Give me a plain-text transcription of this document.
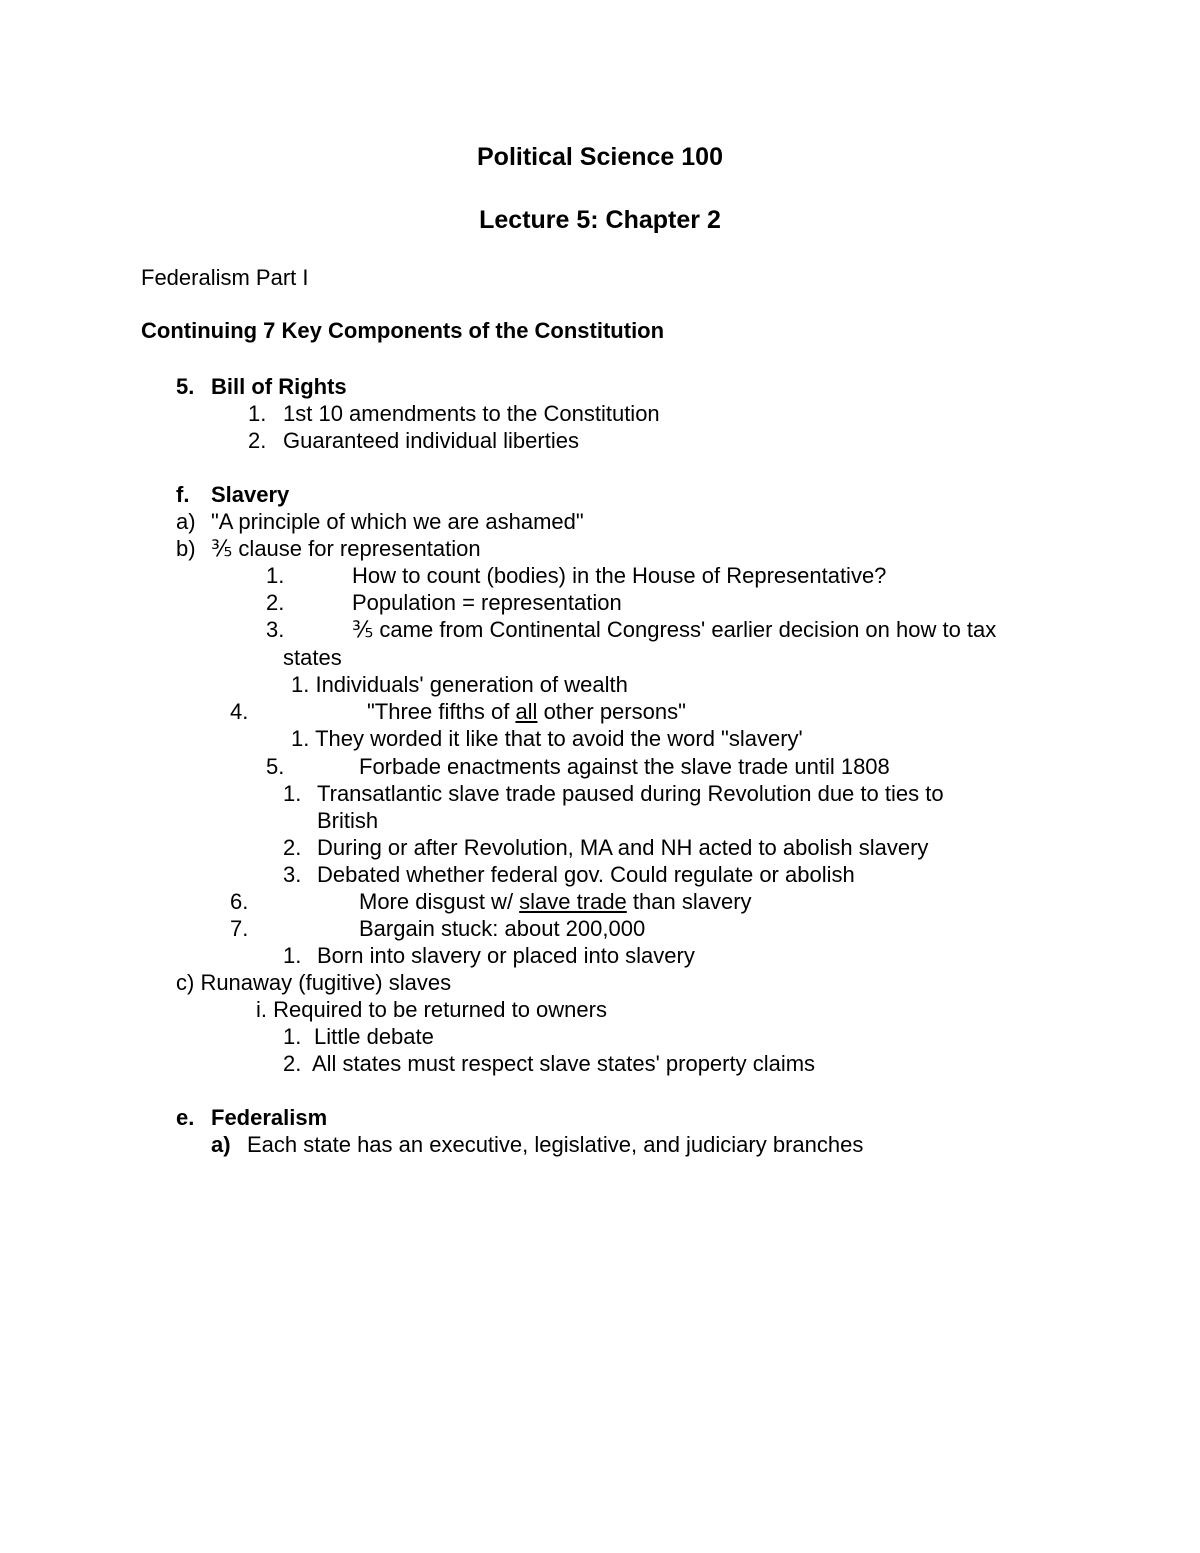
Political Science 100

Lecture 5: Chapter 2

Federalism Part I

Continuing 7 Key Components of the Constitution

5. Bill of Rights
1. 1st 10 amendments to the Constitution
2. Guaranteed individual liberties
f. Slavery
a) "A principle of which we are ashamed"
b) ⅗ clause for representation
1.	How to count (bodies) in the House of Representative?
2.	Population = representation
3.	⅗ came from Continental Congress' earlier decision on how to tax
states
1. Individuals' generation of wealth
4.	"Three fifths of all other persons"
1. They worded it like that to avoid the word "slavery'
5.	Forbade enactments against the slave trade until 1808
1. Transatlantic slave trade paused during Revolution due to ties to
British
2. During or after Revolution, MA and NH acted to abolish slavery
3. Debated whether federal gov. Could regulate or abolish
6.	More disgust w/ slave trade than slavery
7.	Bargain stuck: about 200,000
1. Born into slavery or placed into slavery
c) Runaway (fugitive) slaves
i. Required to be returned to owners
1. Little debate
2. All states must respect slave states' property claims
e. Federalism
a) Each state has an executive, legislative, and judiciary branches
